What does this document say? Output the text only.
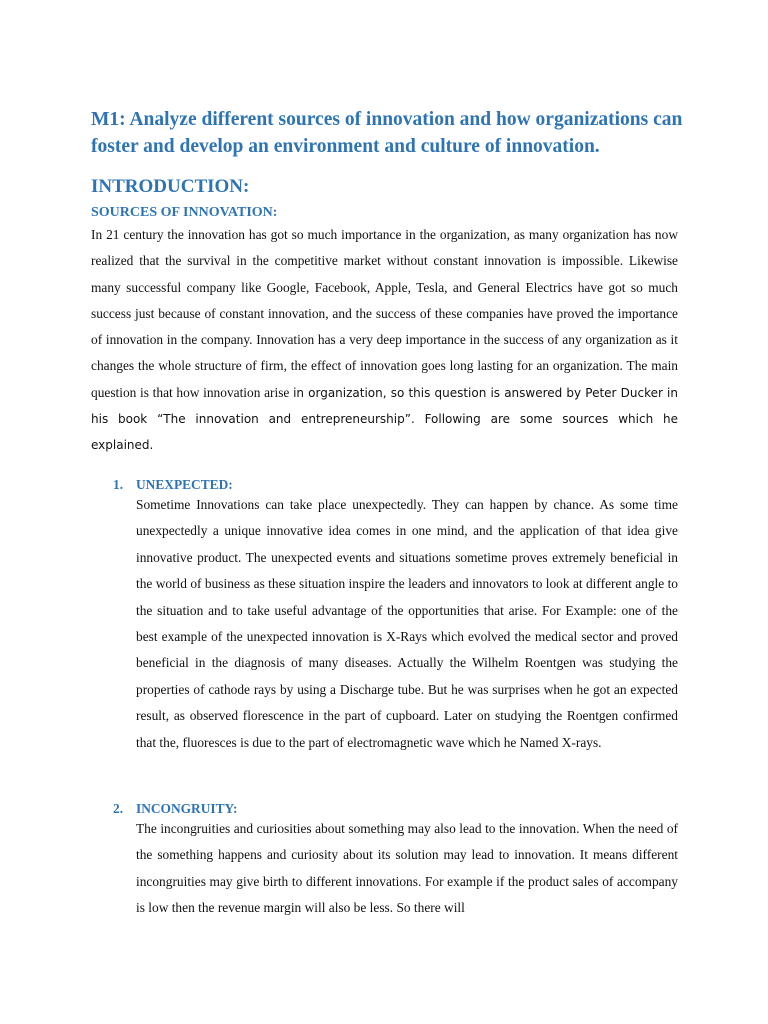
M1: Analyze different sources of innovation and how organizations can foster and develop an environment and culture of innovation.
INTRODUCTION:
SOURCES OF INNOVATION:

In 21 century the innovation has got so much importance in the organization, as many organization has now realized that the survival in the competitive market without constant innovation is impossible. Likewise many successful company like Google, Facebook, Apple, Tesla, and General Electrics have got so much success just because of constant innovation, and the success of these companies have proved the importance of innovation in the company. Innovation has a very deep importance in the success of any organization as it changes the whole structure of firm, the effect of innovation goes long lasting for an organization. The main question is that how innovation arise in organization, so this question is answered by Peter Ducker in his book “The innovation and entrepreneurship”. Following are some sources which he explained.

1. UNEXPECTED:

Sometime Innovations can take place unexpectedly. They can happen by chance. As some time unexpectedly a unique innovative idea comes in one mind, and the application of that idea give innovative product. The unexpected events and situations sometime proves extremely beneficial in the world of business as these situation inspire the leaders and innovators to look at different angle to the situation and to take useful advantage of the opportunities that arise. For Example: one of the best example of the unexpected innovation is X-Rays which evolved the medical sector and proved beneficial in the diagnosis of many diseases. Actually the Wilhelm Roentgen was studying the properties of cathode rays by using a Discharge tube. But he was surprises when he got an expected result, as observed florescence in the part of cupboard. Later on studying the Roentgen confirmed that the, fluoresces is due to the part of electromagnetic wave which he Named X-rays.

2. INCONGRUITY:

The incongruities and curiosities about something may also lead to the innovation. When the need of the something happens and curiosity about its solution may lead to innovation. It means different incongruities may give birth to different innovations. For example if the product sales of accompany is low then the revenue margin will also be less. So there will
